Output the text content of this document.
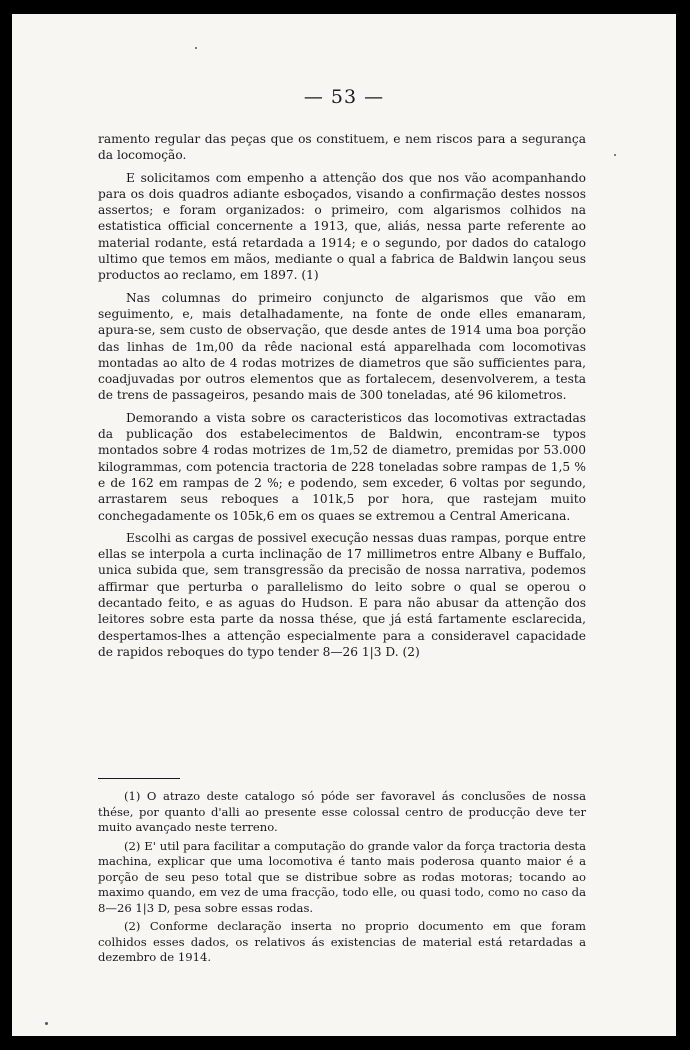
— 53 —

ramento regular das peças que os constituem, e nem riscos para a segurança da locomoção.

E solicitamos com empenho a attenção dos que nos vão acompanhando para os dois quadros adiante esboçados, visando a confirmação destes nossos assertos; e foram organizados: o primeiro, com algarismos colhidos na estatistica official concernente a 1913, que, aliás, nessa parte referente ao material rodante, está retardada a 1914; e o segundo, por dados do catalogo ultimo que temos em mãos, mediante o qual a fabrica de Baldwin lançou seus productos ao reclamo, em 1897. (1)

Nas columnas do primeiro conjuncto de algarismos que vão em seguimento, e, mais detalhadamente, na fonte de onde elles emanaram, apura-se, sem custo de observação, que desde antes de 1914 uma boa porção das linhas de 1m,00 da rêde nacional está apparelhada com locomotivas montadas ao alto de 4 rodas motrizes de diametros que são sufficientes para, coadjuvadas por outros elementos que as fortalecem, desenvolverem, a testa de trens de passageiros, pesando mais de 300 toneladas, até 96 kilometros.

Demorando a vista sobre os caracteristicos das locomotivas extractadas da publicação dos estabelecimentos de Baldwin, encontram-se typos montados sobre 4 rodas motrizes de 1m,52 de diametro, premidas por 53.000 kilogrammas, com potencia tractoria de 228 toneladas sobre rampas de 1,5 % e de 162 em rampas de 2 %; e podendo, sem exceder, 6 voltas por segundo, arrastarem seus reboques a 101k,5 por hora, que rastejam muito conchegadamente os 105k,6 em os quaes se extremou a Central Americana.

Escolhi as cargas de possivel execução nessas duas rampas, porque entre ellas se interpola a curta inclinação de 17 millimetros entre Albany e Buffalo, unica subida que, sem transgressão da precisão de nossa narrativa, podemos affirmar que perturba o parallelismo do leito sobre o qual se operou o decantado feito, e as aguas do Hudson. E para não abusar da attenção dos leitores sobre esta parte da nossa thése, que já está fartamente esclarecida, despertamos-lhes a attenção especialmente para a consideravel capacidade de rapidos reboques do typo tender 8—26 1|3 D. (2)

(1) O atrazo deste catalogo só póde ser favoravel ás conclusões de nossa thése, por quanto d'alli ao presente esse colossal centro de producção deve ter muito avançado neste terreno.

(2) E' util para facilitar a computação do grande valor da força tractoria desta machina, explicar que uma locomotiva é tanto mais poderosa quanto maior é a porção de seu peso total que se distribue sobre as rodas motoras; tocando ao maximo quando, em vez de uma fracção, todo elle, ou quasi todo, como no caso da 8—26 1|3 D, pesa sobre essas rodas.

(2) Conforme declaração inserta no proprio documento em que foram colhidos esses dados, os relativos ás existencias de material está retardadas a dezembro de 1914.
